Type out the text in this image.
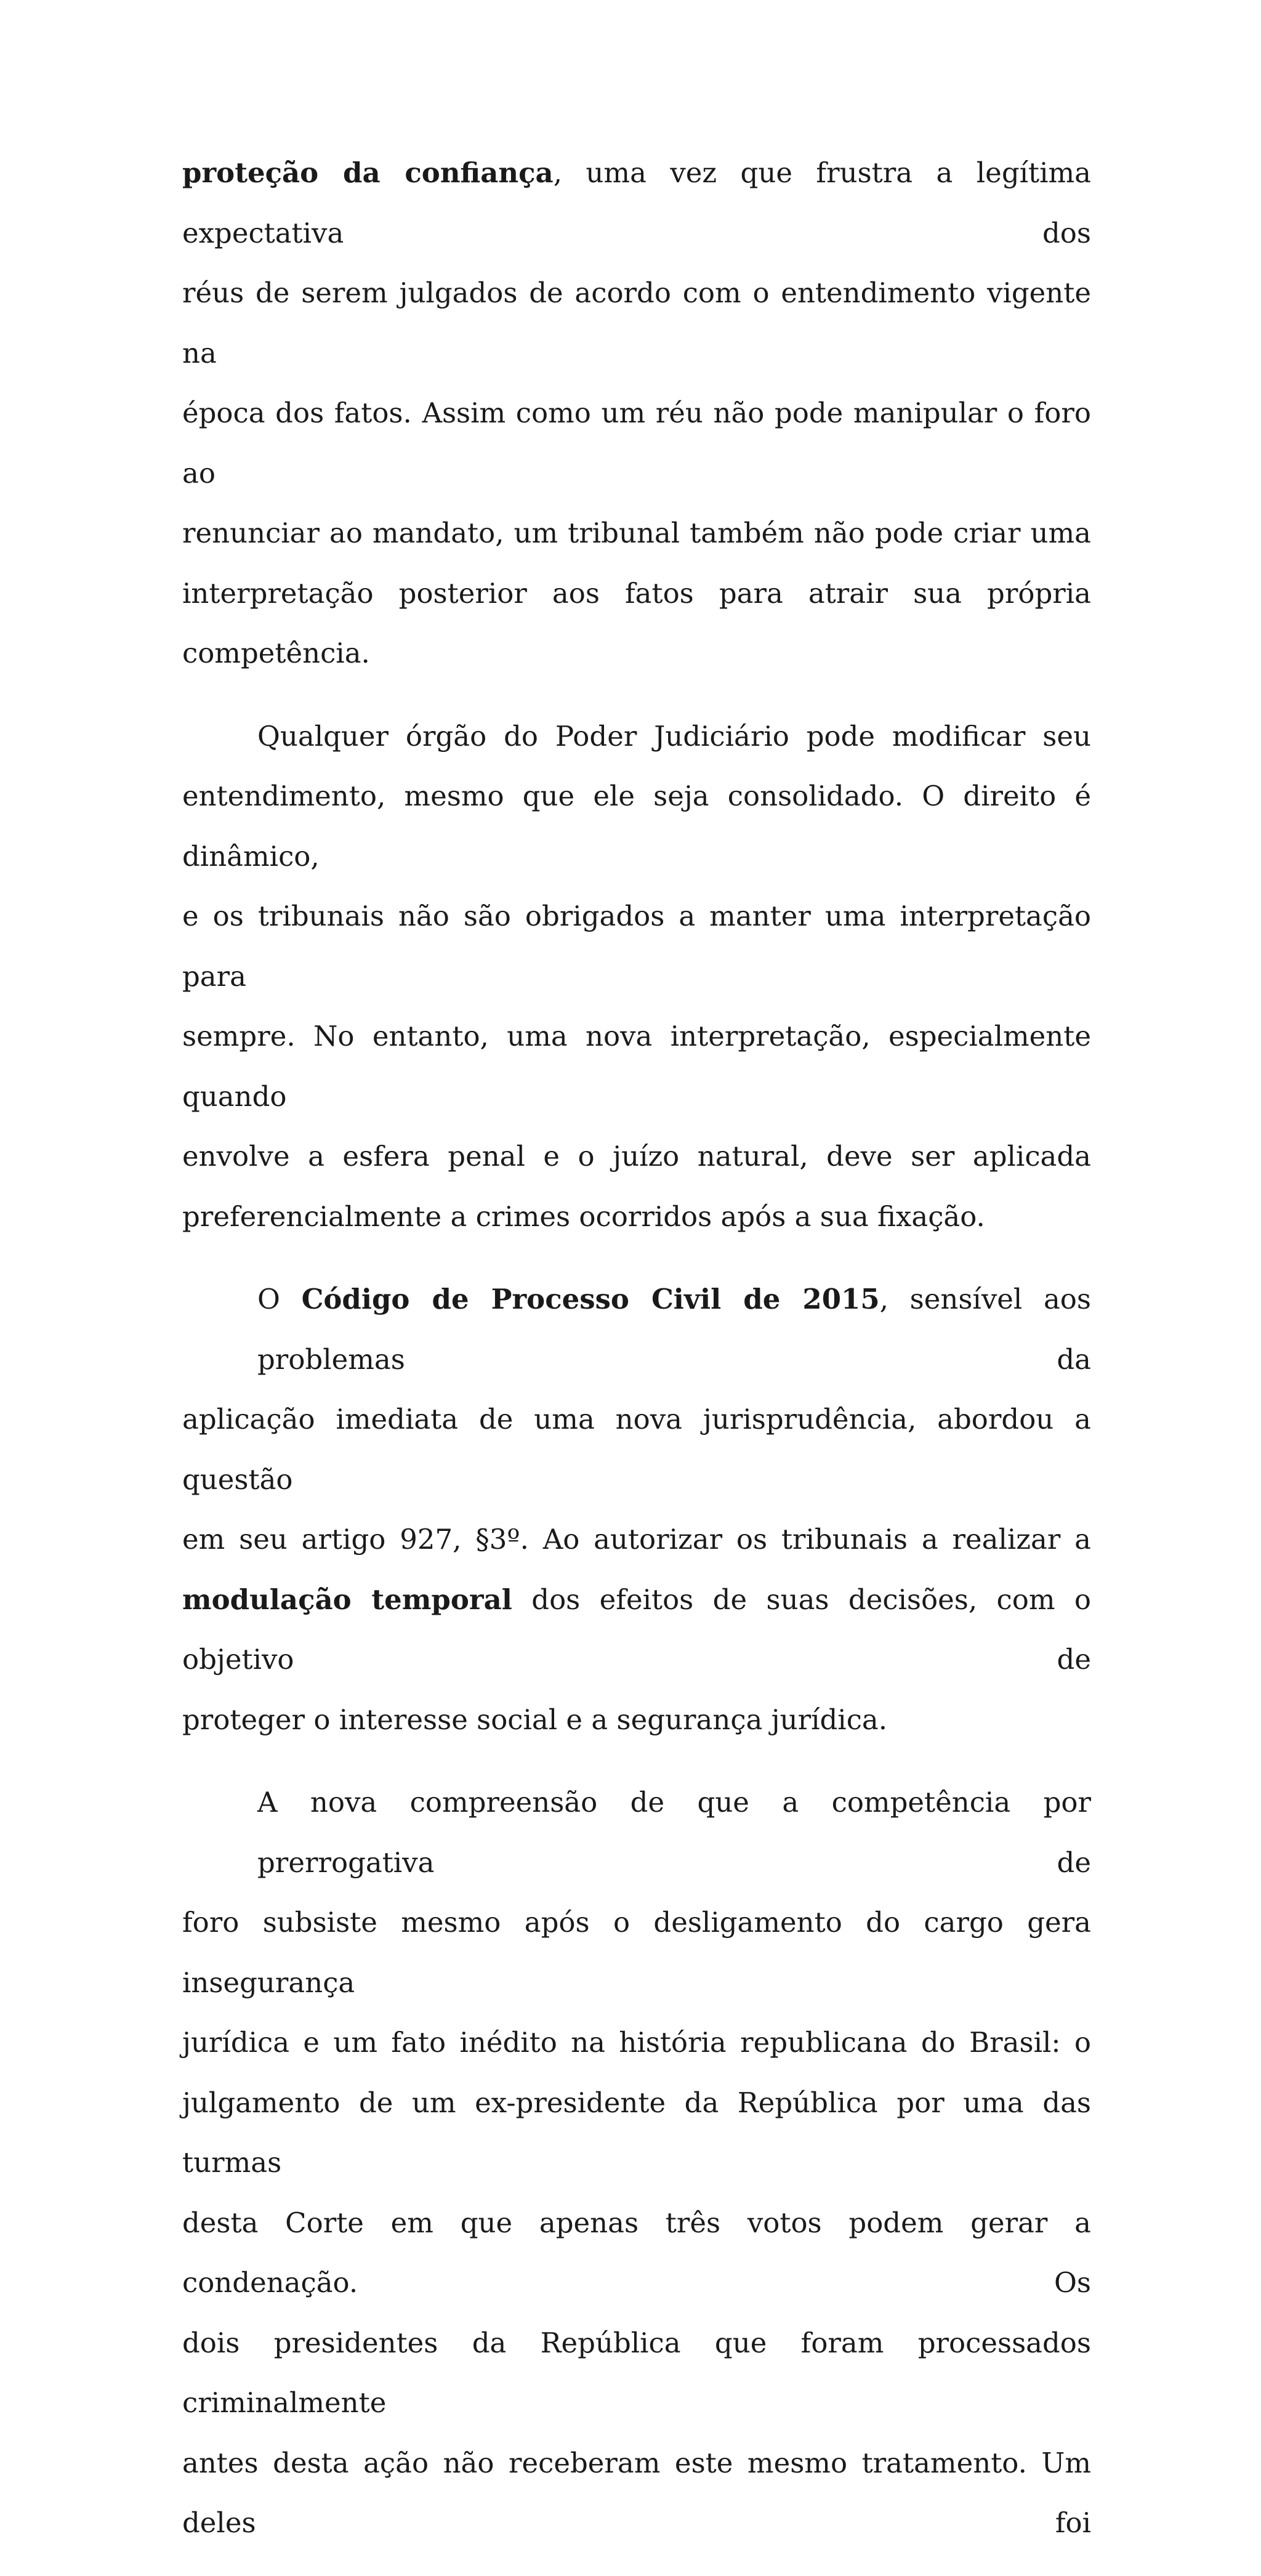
proteção da confiança, uma vez que frustra a legítima expectativa dos
réus de serem julgados de acordo com o entendimento vigente na
época dos fatos. Assim como um réu não pode manipular o foro ao
renunciar ao mandato, um tribunal também não pode criar uma
interpretação posterior aos fatos para atrair sua própria competência.
Qualquer órgão do Poder Judiciário pode modificar seu
entendimento, mesmo que ele seja consolidado. O direito é dinâmico,
e os tribunais não são obrigados a manter uma interpretação para
sempre. No entanto, uma nova interpretação, especialmente quando
envolve a esfera penal e o juízo natural, deve ser aplicada
preferencialmente a crimes ocorridos após a sua fixação.
O Código de Processo Civil de 2015, sensível aos problemas da
aplicação imediata de uma nova jurisprudência, abordou a questão
em seu artigo 927, §3º. Ao autorizar os tribunais a realizar a
modulação temporal dos efeitos de suas decisões, com o objetivo de
proteger o interesse social e a segurança jurídica.
A nova compreensão de que a competência por prerrogativa de
foro subsiste mesmo após o desligamento do cargo gera insegurança
jurídica e um fato inédito na história republicana do Brasil: o
julgamento de um ex-presidente da República por uma das turmas
desta Corte em que apenas três votos podem gerar a condenação. Os
dois presidentes da República que foram processados criminalmente
antes desta ação não receberam este mesmo tratamento. Um deles foi
